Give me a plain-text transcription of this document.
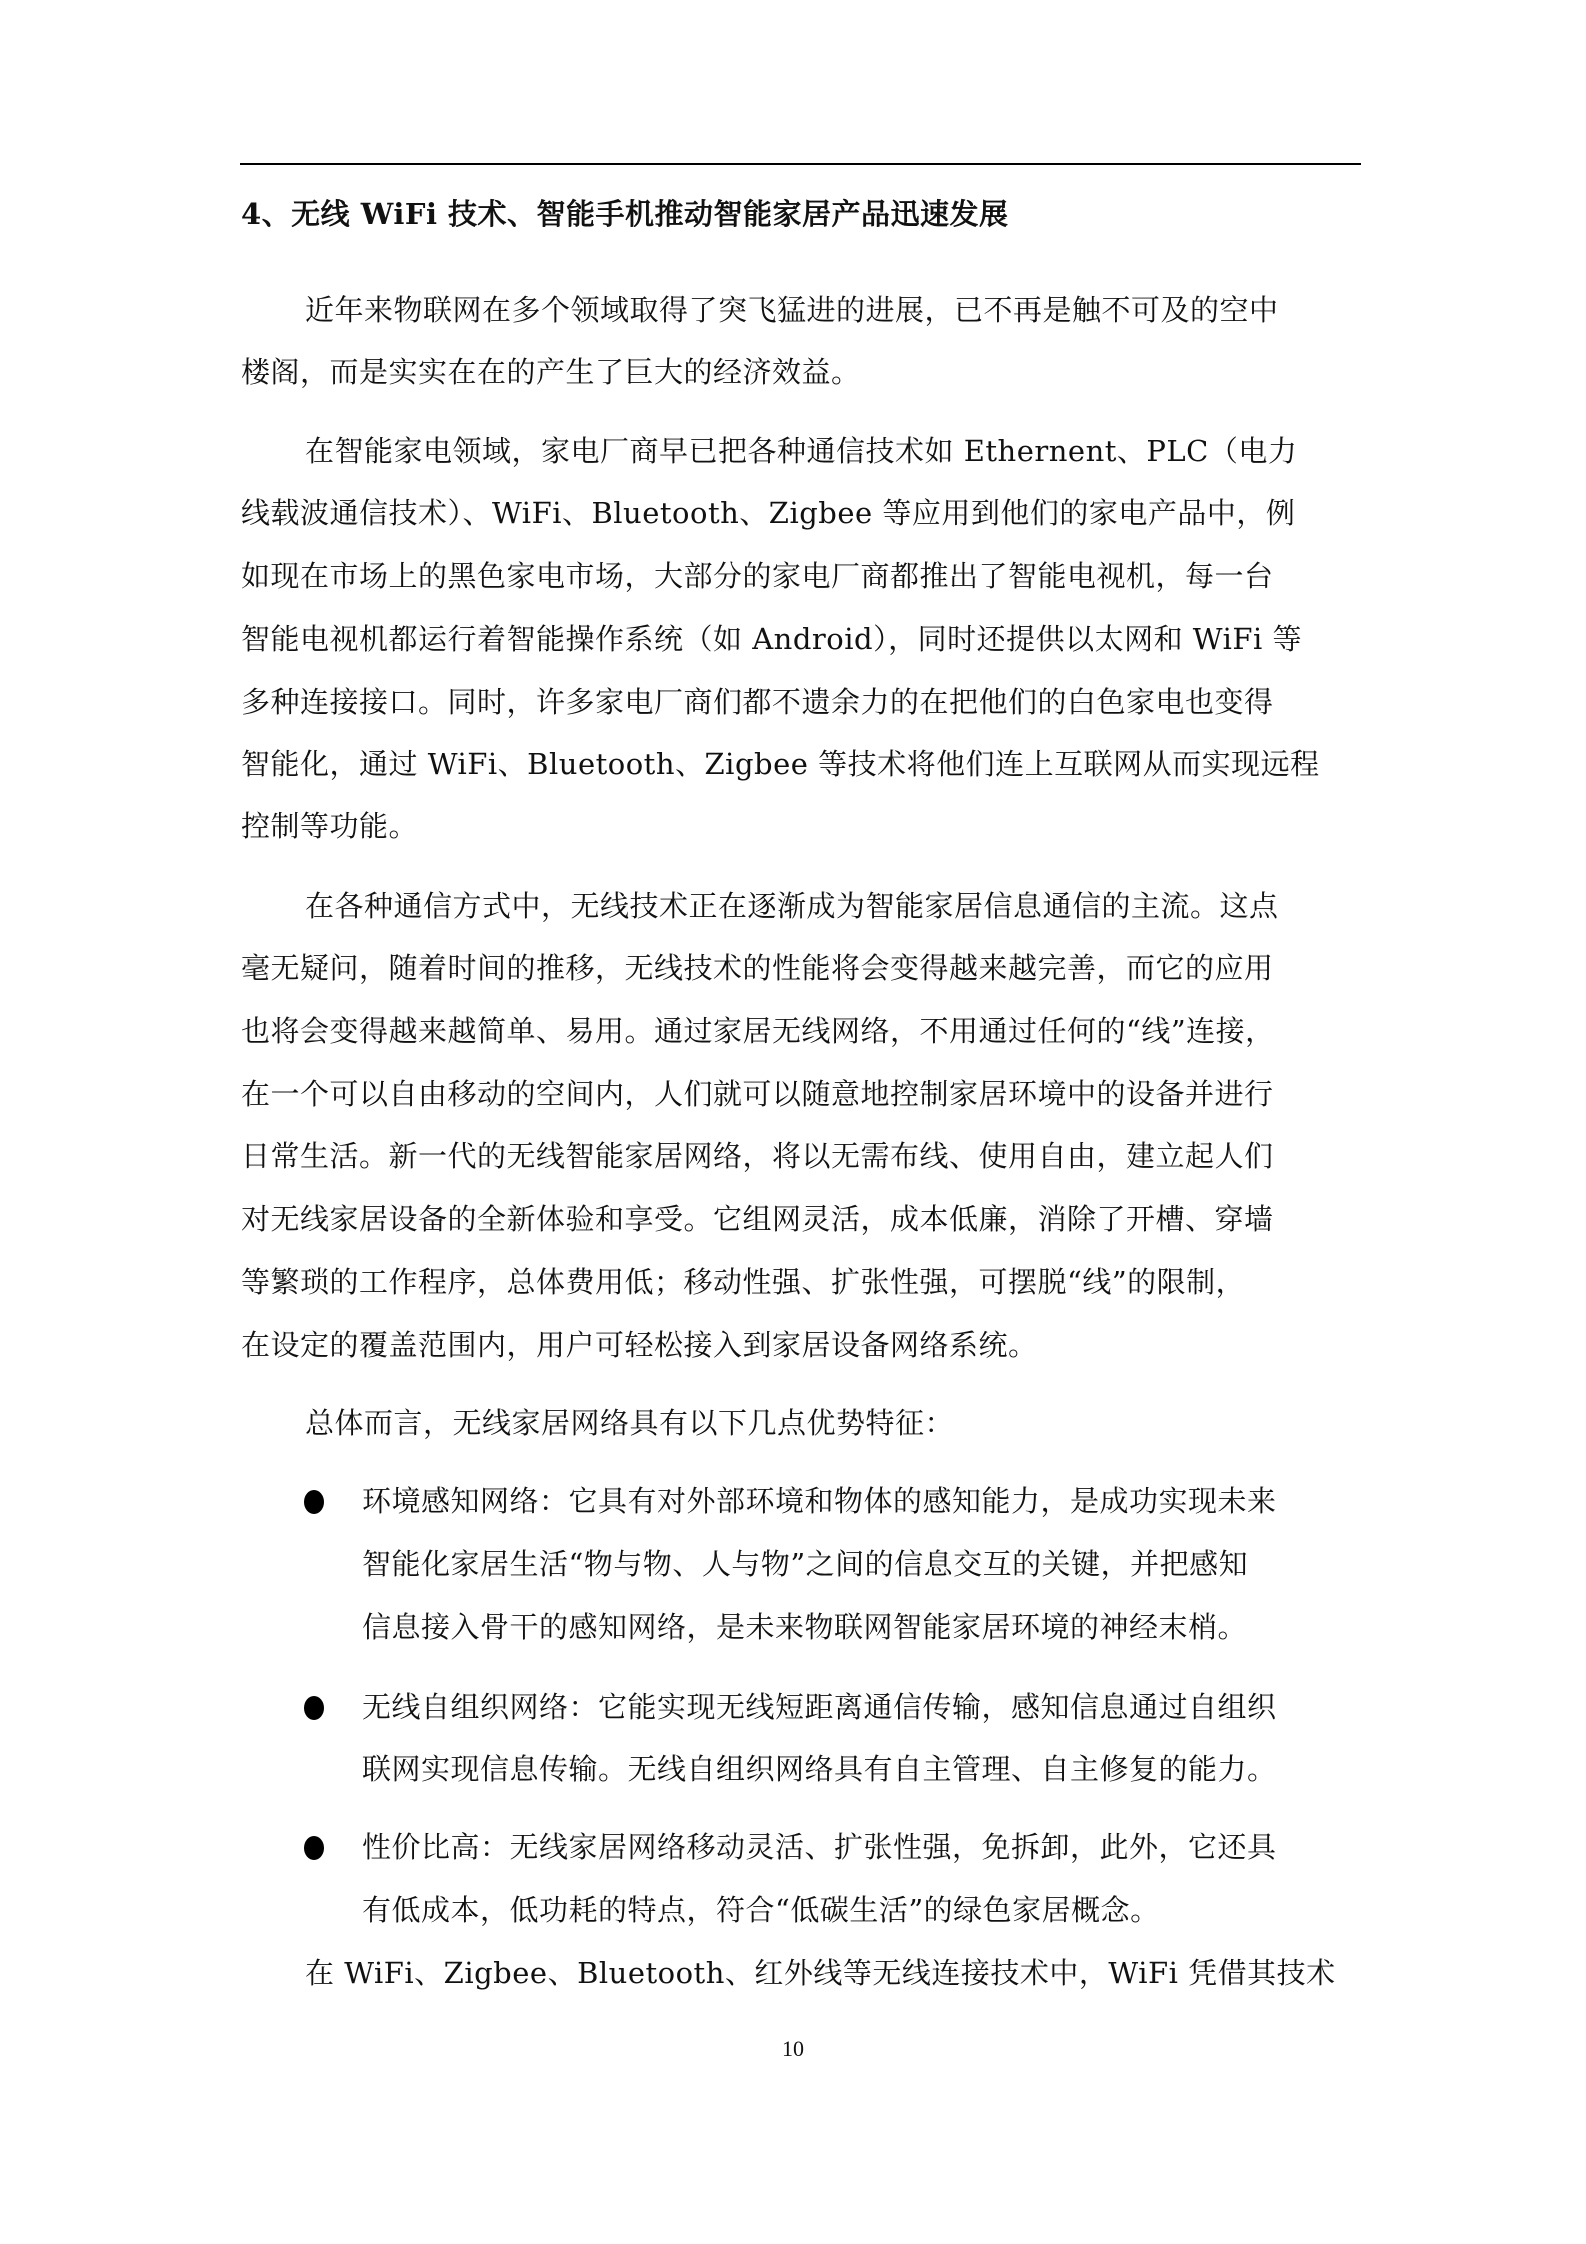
4、无线 WiFi 技术、智能手机推动智能家居产品迅速发展
近年来物联网在多个领域取得了突飞猛进的进展，已不再是触不可及的空中
楼阁，而是实实在在的产生了巨大的经济效益。
在智能家电领域，家电厂商早已把各种通信技术如 Ethernent、PLC（电力
线载波通信技术）、WiFi、Bluetooth、Zigbee 等应用到他们的家电产品中，例
如现在市场上的黑色家电市场，大部分的家电厂商都推出了智能电视机，每一台
智能电视机都运行着智能操作系统（如 Android），同时还提供以太网和 WiFi 等
多种连接接口。同时，许多家电厂商们都不遗余力的在把他们的白色家电也变得
智能化，通过 WiFi、Bluetooth、Zigbee 等技术将他们连上互联网从而实现远程
控制等功能。
在各种通信方式中，无线技术正在逐渐成为智能家居信息通信的主流。这点
毫无疑问，随着时间的推移，无线技术的性能将会变得越来越完善，而它的应用
也将会变得越来越简单、易用。通过家居无线网络，不用通过任何的“线”连接，
在一个可以自由移动的空间内，人们就可以随意地控制家居环境中的设备并进行
日常生活。新一代的无线智能家居网络，将以无需布线、使用自由，建立起人们
对无线家居设备的全新体验和享受。它组网灵活，成本低廉，消除了开槽、穿墙
等繁琐的工作程序，总体费用低；移动性强、扩张性强，可摆脱“线”的限制，
在设定的覆盖范围内，用户可轻松接入到家居设备网络系统。
总体而言，无线家居网络具有以下几点优势特征：
环境感知网络：它具有对外部环境和物体的感知能力，是成功实现未来
智能化家居生活“物与物、人与物”之间的信息交互的关键，并把感知
信息接入骨干的感知网络，是未来物联网智能家居环境的神经末梢。
无线自组织网络：它能实现无线短距离通信传输，感知信息通过自组织
联网实现信息传输。无线自组织网络具有自主管理、自主修复的能力。
性价比高：无线家居网络移动灵活、扩张性强，免拆卸，此外，它还具
有低成本，低功耗的特点，符合“低碳生活”的绿色家居概念。
在 WiFi、Zigbee、Bluetooth、红外线等无线连接技术中，WiFi 凭借其技术
10
